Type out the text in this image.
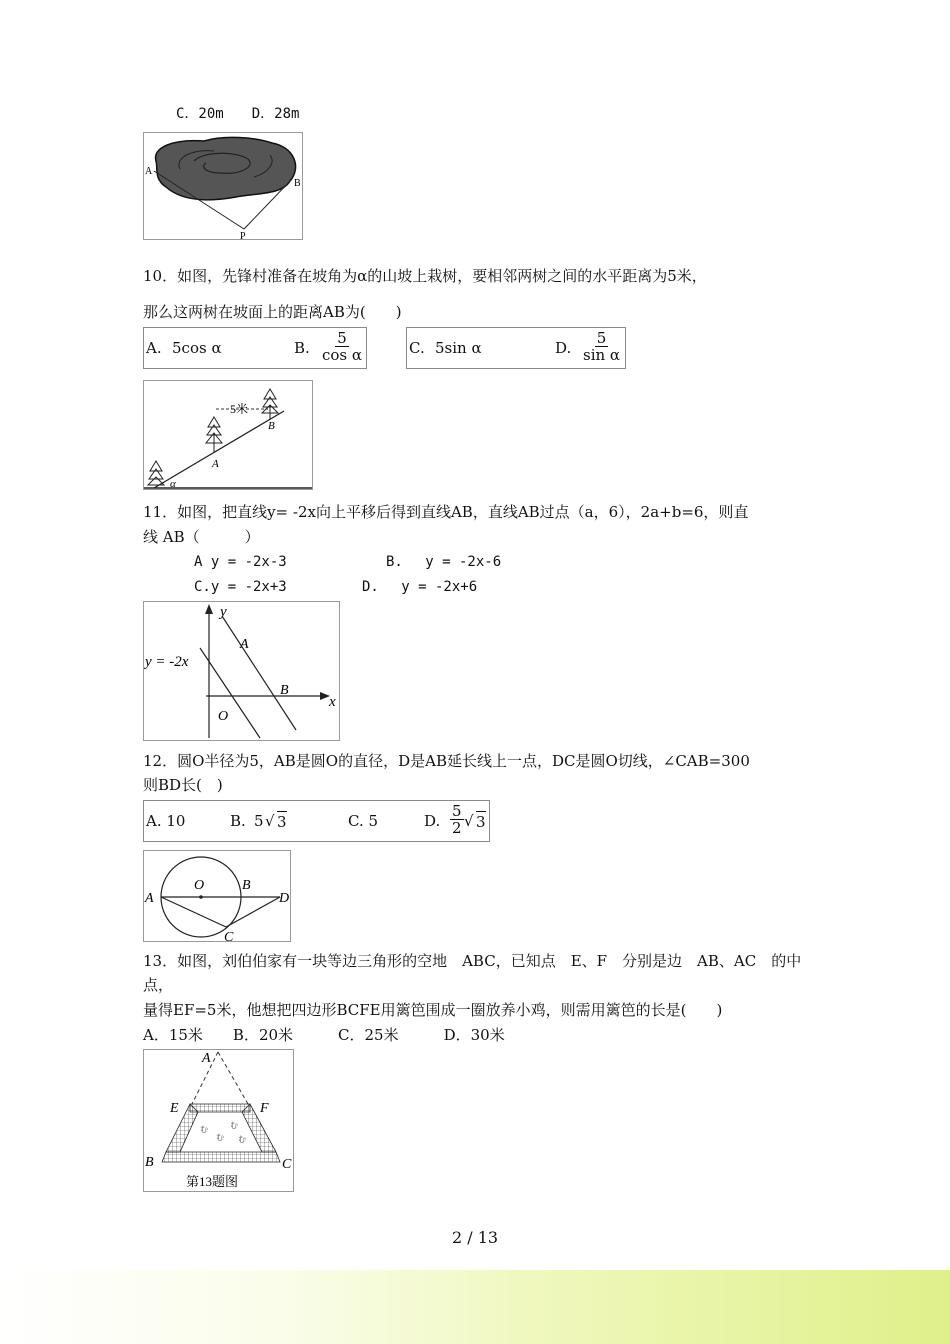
C．20m　　D．28m
A
B
P
10．如图，先锋村准备在坡角为α的山坡上栽树，要相邻两树之间的水平距离为5米，
那么这两树在坡面上的距离AB为(　　)
A. 5cos α	B. $\frac{5}{\text{cos α}}$	C. 5sin α	D. $\frac{5}{\text{sin α}}$
5米
A
B
α
11．如图，把直线y= -2x向上平移后得到直线AB，直线AB过点（a，6），2a+b=6，则直
线 AB（　　　）
A y = -2x-3	B.　 y = -2x-6
C.y = -2x+3	D.　 y = -2x+6
y
x
O
A
B
y = -2x
12．圆O半径为5，AB是圆O的直径，D是AB延长线上一点，DC是圆O切线，∠CAB=300
则BD长(　)
A. 10	B. 5 √ 3	C. 5	D. $\frac{5}{2}$ √ 3
A
O	B
D
C
13．如图，刘伯伯家有一块等边三角形的空地　ABC，已知点　E、F　分别是边　AB、AC　的中
点，
量得EF=5米，他想把四边形BCFE用篱笆围成一圈放养小鸡，则需用篱笆的长是(　　)
A．15米　　B．20米　　　C．25米　　　D．30米
む	む
む む
A
E	F
B	C
第13题图
2 / 13
